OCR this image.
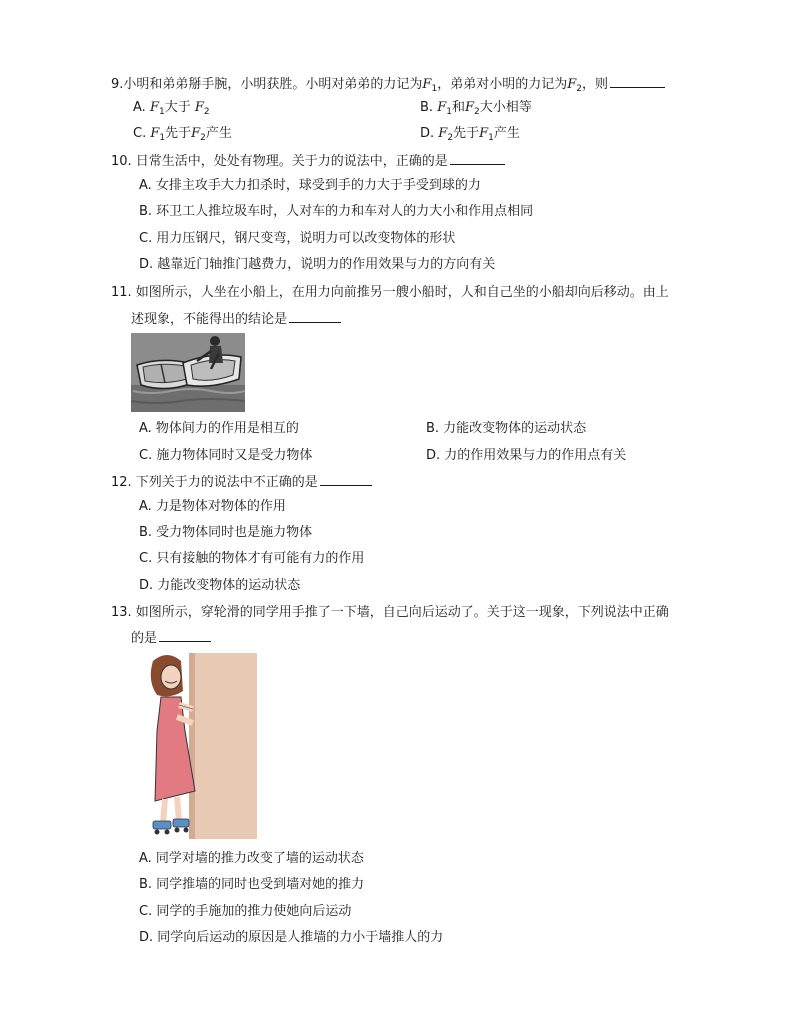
9.小明和弟弟掰手腕，小明获胜。小明对弟弟的力记为$F_1$，弟弟对小明的力记为$F_2$，则
A. $F_1$大于 $F_2$	B. $F_1$和$F_2$大小相等
C. $F_1$先于$F_2$产生	D. $F_2$先于$F_1$产生
10. 日常生活中，处处有物理。关于力的说法中，正确的是
A. 女排主攻手大力扣杀时，球受到手的力大于手受到球的力
B. 环卫工人推垃圾车时，人对车的力和车对人的力大小和作用点相同
C. 用力压钢尺，钢尺变弯，说明力可以改变物体的形状
D. 越靠近门轴推门越费力，说明力的作用效果与力的方向有关
11. 如图所示，人坐在小船上，在用力向前推另一艘小船时，人和自己坐的小船却向后移动。由上
述现象，不能得出的结论是
A. 物体间力的作用是相互的	B. 力能改变物体的运动状态
C. 施力物体同时又是受力物体	D. 力的作用效果与力的作用点有关
12. 下列关于力的说法中不正确的是
A. 力是物体对物体的作用
B. 受力物体同时也是施力物体
C. 只有接触的物体才有可能有力的作用
D. 力能改变物体的运动状态
13. 如图所示，穿轮滑的同学用手推了一下墙，自己向后运动了。关于这一现象，下列说法中正确
的是
A. 同学对墙的推力改变了墙的运动状态
B. 同学推墙的同时也受到墙对她的推力
C. 同学的手施加的推力使她向后运动
D. 同学向后运动的原因是人推墙的力小于墙推人的力
